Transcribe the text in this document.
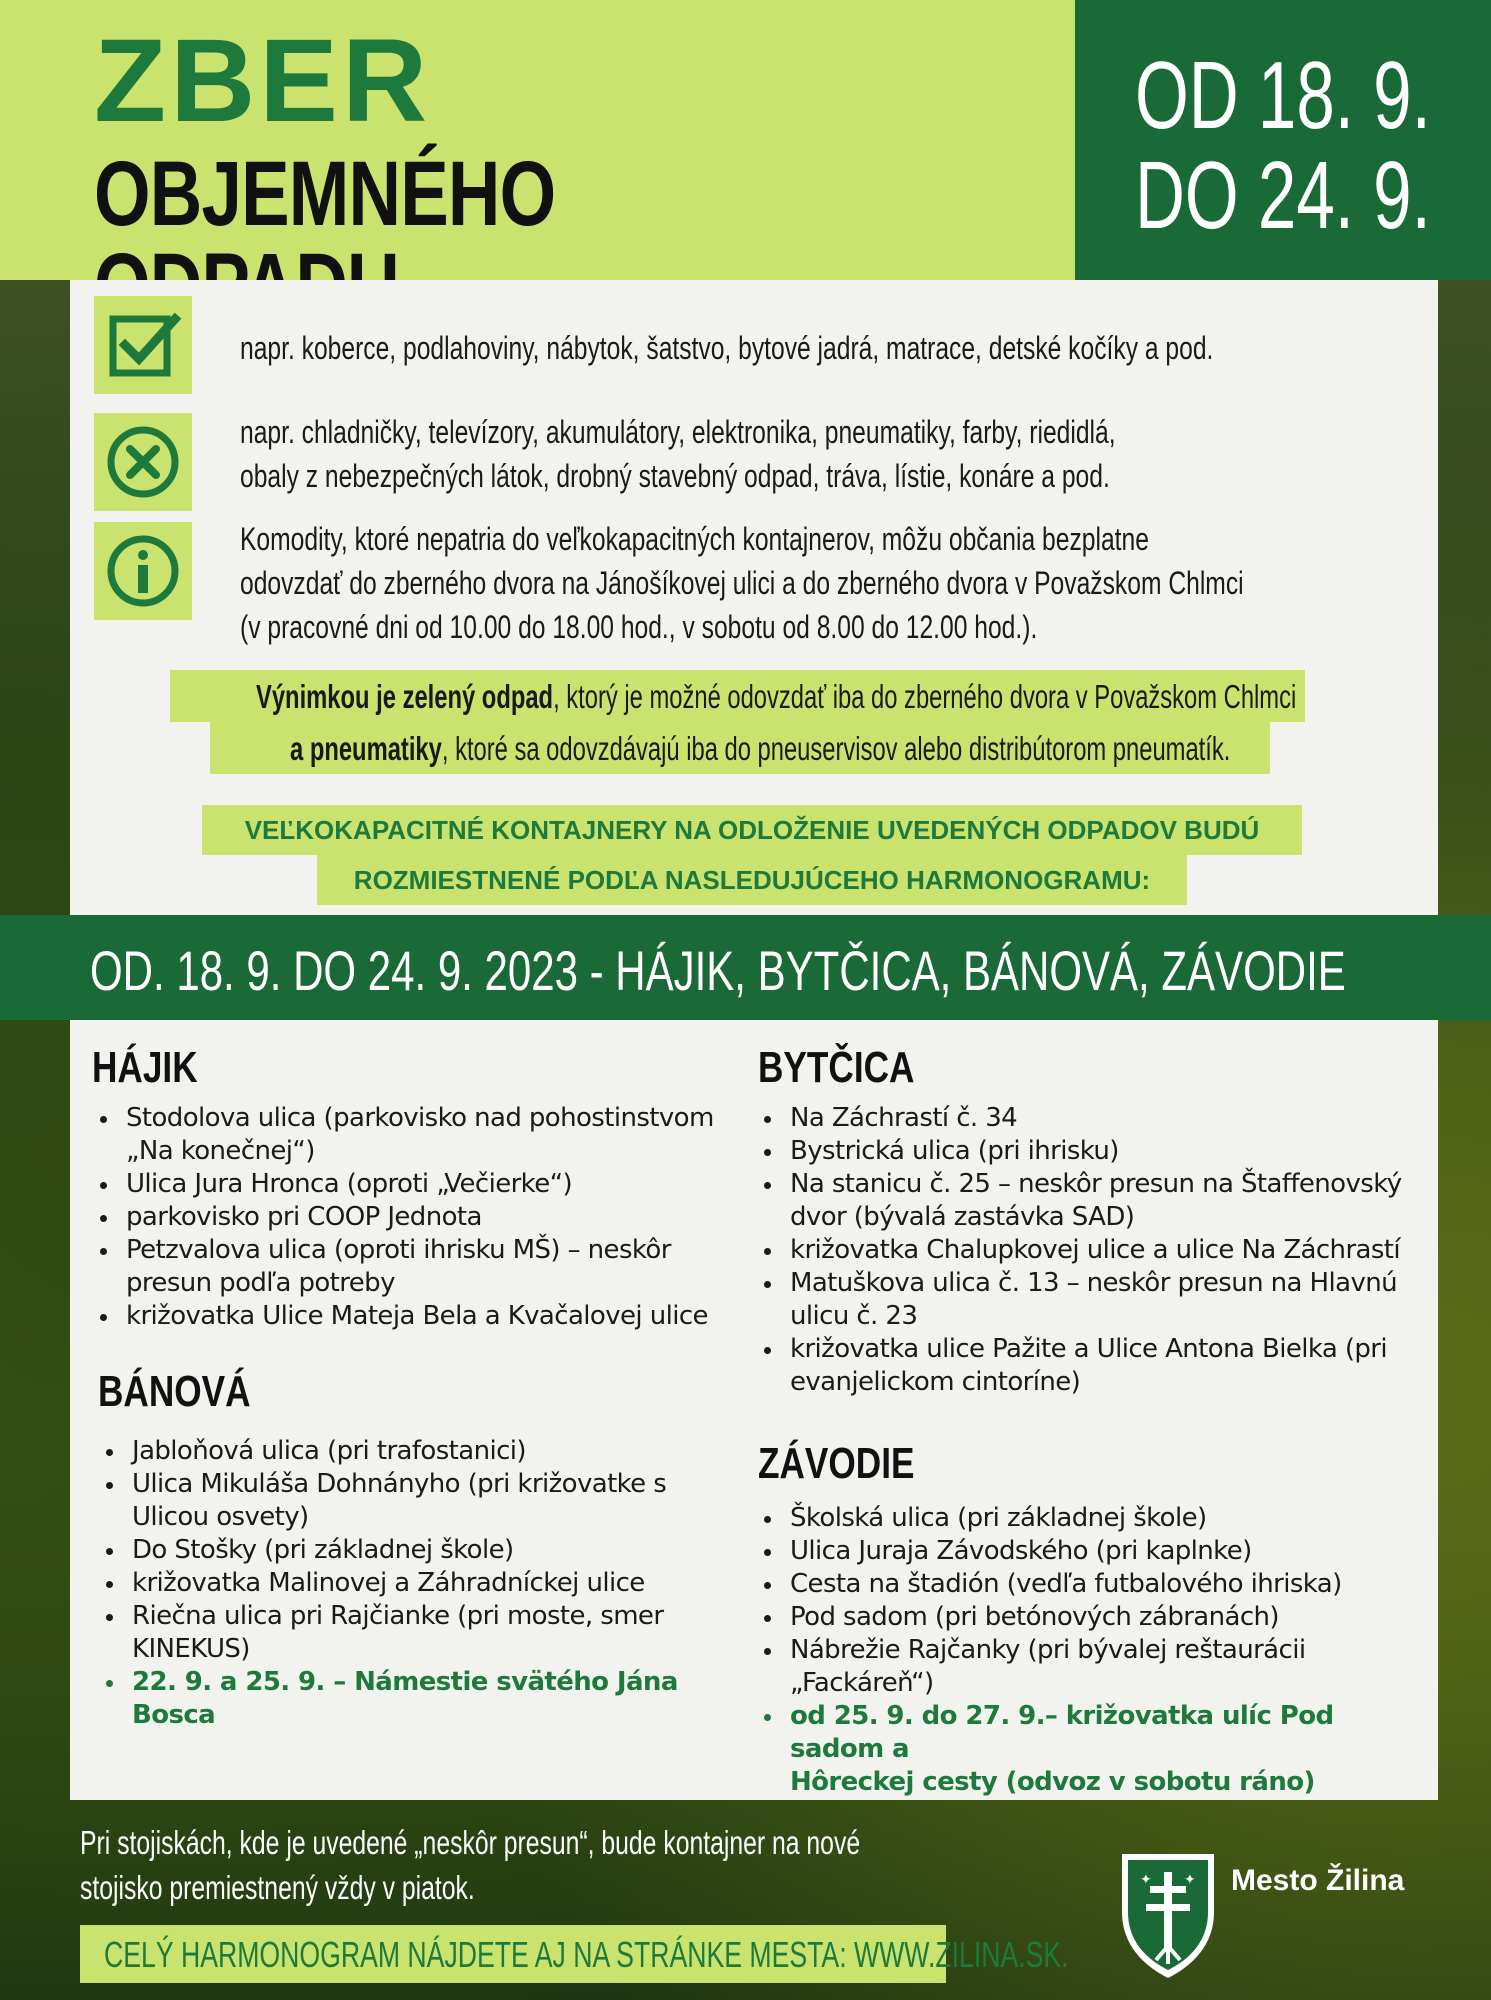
ZBER
OBJEMNÉHO
OD 18. 9.
DO 24. 9.
napr. koberce, podlahoviny, nábytok, šatstvo, bytové jadrá, matrace, detské kočíky a pod.
napr. chladničky, televízory, akumulátory, elektronika, pneumatiky, farby, riedidlá,
obaly z nebezpečných látok, drobný stavebný odpad, tráva, lístie, konáre a pod.
Komodity, ktoré nepatria do veľkokapacitných kontajnerov, môžu občania bezplatne
odovzdať do zberného dvora na Jánošíkovej ulici a do zberného dvora v Považskom Chlmci
(v pracovné dni od 10.00 do 18.00 hod., v sobotu od 8.00 do 12.00 hod.).
Výnimkou je zelený odpad, ktorý je možné odovzdať iba do zberného dvora v Považskom Chlmci
a pneumatiky, ktoré sa odovzdávajú iba do pneuservisov alebo distribútorom pneumatík.
VEĽKOKAPACITNÉ KONTAJNERY NA ODLOŽENIE UVEDENÝCH ODPADOV BUDÚ
ROZMIESTNENÉ PODĽA NASLEDUJÚCEHO HARMONOGRAMU:
OD. 18. 9. DO 24. 9. 2023 - HÁJIK, BYTČICA, BÁNOVÁ, ZÁVODIE
HÁJIK
Stodolova ulica (parkovisko nad pohostinstvom
„Na konečnej“)
Ulica Jura Hronca (oproti „Večierke“)
parkovisko pri COOP Jednota
Petzvalova ulica (oproti ihrisku MŠ) – neskôr
presun podľa potreby
križovatka Ulice Mateja Bela a Kvačalovej ulice
BÁNOVÁ
Jabloňová ulica (pri trafostanici)
Ulica Mikuláša Dohnányho (pri križovatke s
Ulicou osvety)
Do Stošky (pri základnej škole)
križovatka Malinovej a Záhradníckej ulice
Riečna ulica pri Rajčianke (pri moste, smer
KINEKUS)
22. 9. a 25. 9. – Námestie svätého Jána Bosca
BYTČICA
Na Záchrastí č. 34
Bystrická ulica (pri ihrisku)
Na stanicu č. 25 – neskôr presun na Štaffenovský
dvor (bývalá zastávka SAD)
križovatka Chalupkovej ulice a ulice Na Záchrastí
Matuškova ulica č. 13 – neskôr presun na Hlavnú
ulicu č. 23
križovatka ulice Pažite a Ulice Antona Bielka (pri
evanjelickom cintoríne)
ZÁVODIE
Školská ulica (pri základnej škole)
Ulica Juraja Závodského (pri kaplnke)
Cesta na štadión (vedľa futbalového ihriska)
Pod sadom (pri betónových zábranách)
Nábrežie Rajčanky (pri bývalej reštaurácii
„Fackáreň“)
od 25. 9. do 27. 9.– križovatka ulíc Pod sadom a
Hôreckej cesty (odvoz v sobotu ráno)
Pri stojiskách, kde je uvedené „neskôr presun“, bude kontajner na nové
stojisko premiestnený vždy v piatok.
CELÝ HARMONOGRAM NÁJDETE AJ NA STRÁNKE MESTA: WWW.ZILINA.SK.
✦ ✦ Mesto Žilina
